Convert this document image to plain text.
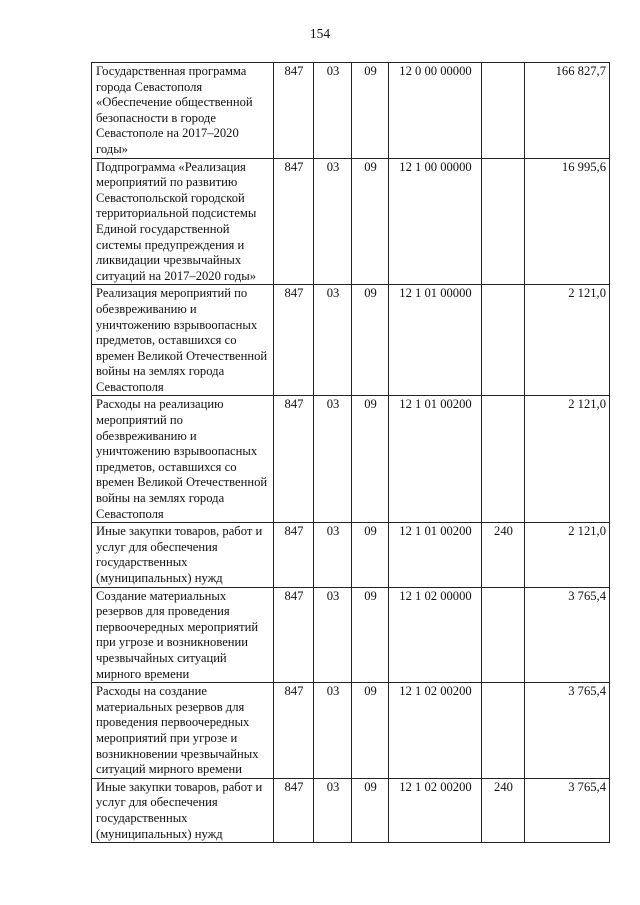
154
Государственная программа города Севастополя «Обеспечение общественной безопасности в городе Севастополе на 2017–2020 годы»	847	03	09	12 0 00 00000		166 827,7
Подпрограмма «Реализация мероприятий по развитию Севастопольской городской территориальной подсистемы Единой государственной системы предупреждения и ликвидации чрезвычайных ситуаций на 2017–2020 годы»	847	03	09	12 1 00 00000		16 995,6
Реализация мероприятий по обезвреживанию и уничтожению взрывоопасных предметов, оставшихся со времен Великой Отечественной войны на землях города Севастополя	847	03	09	12 1 01 00000		2 121,0
Расходы на реализацию мероприятий по обезвреживанию и уничтожению взрывоопасных предметов, оставшихся со времен Великой Отечественной войны на землях города Севастополя	847	03	09	12 1 01 00200		2 121,0
Иные закупки товаров, работ и услуг для обеспечения государственных (муниципальных) нужд	847	03	09	12 1 01 00200	240	2 121,0
Создание материальных резервов для проведения первоочередных мероприятий при угрозе и возникновении чрезвычайных ситуаций мирного времени	847	03	09	12 1 02 00000		3 765,4
Расходы на создание материальных резервов для проведения первоочередных мероприятий при угрозе и возникновении чрезвычайных ситуаций мирного времени	847	03	09	12 1 02 00200		3 765,4
Иные закупки товаров, работ и услуг для обеспечения государственных (муниципальных) нужд	847	03	09	12 1 02 00200	240	3 765,4
